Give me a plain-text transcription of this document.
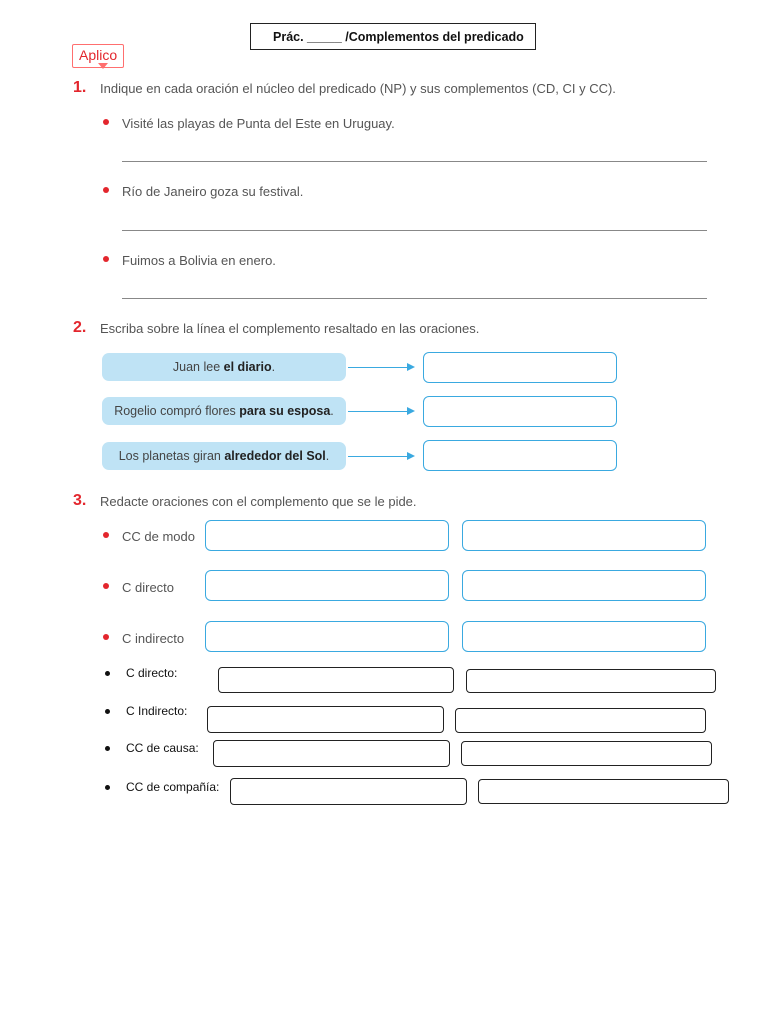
Prác. _____ /Complementos del predicado
Aplico
1. Indique en cada oración el núcleo del predicado (NP) y sus complementos (CD, CI y CC).
Visité las playas de Punta del Este en Uruguay.
Río de Janeiro goza su festival.
Fuimos a Bolivia en enero.
2. Escriba sobre la línea el complemento resaltado en las oraciones.
Juan lee
el diario .
Rogelio compró flores
para su esposa .
Los planetas giran
alrededor del Sol .
3. Redacte oraciones con el complemento que se le pide.
CC de modo
C directo
C indirecto
C directo:
C Indirecto:
CC de causa:
CC de compañía:
